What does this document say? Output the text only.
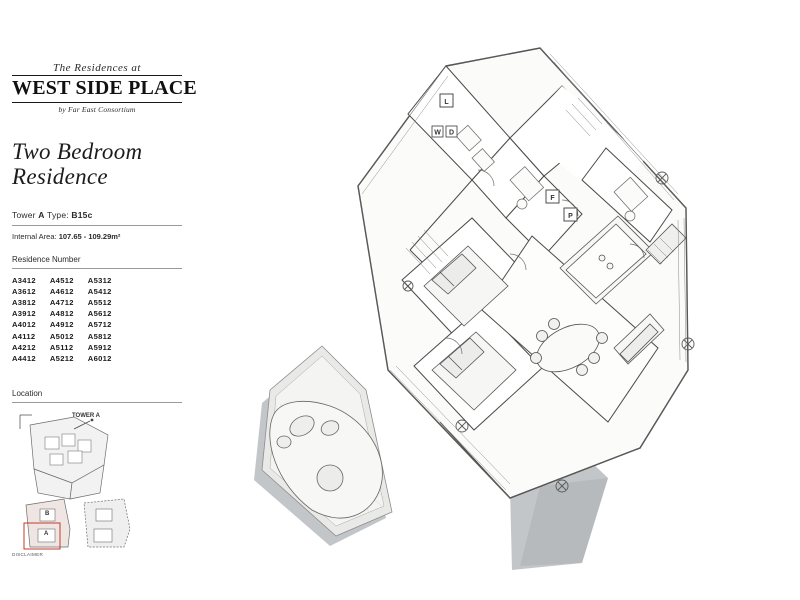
The Residences at
WEST SIDE PLACE
by Far East Consortium
Two Bedroom
Residence
Tower A Type: B15c
Internal Area: 107.65 - 109.29m²
Residence Number
A3412
A3612
A3812
A3912
A4012
A4112
A4212
A4412
A4512
A4612
A4712
A4812
A4912
A5012
A5112
A5212
A5312
A5412
A5512
A5612
A5712
A5812
A5912
A6012
Location
TOWER A
B
A
DISCLAIMER
L
F
P
W D
